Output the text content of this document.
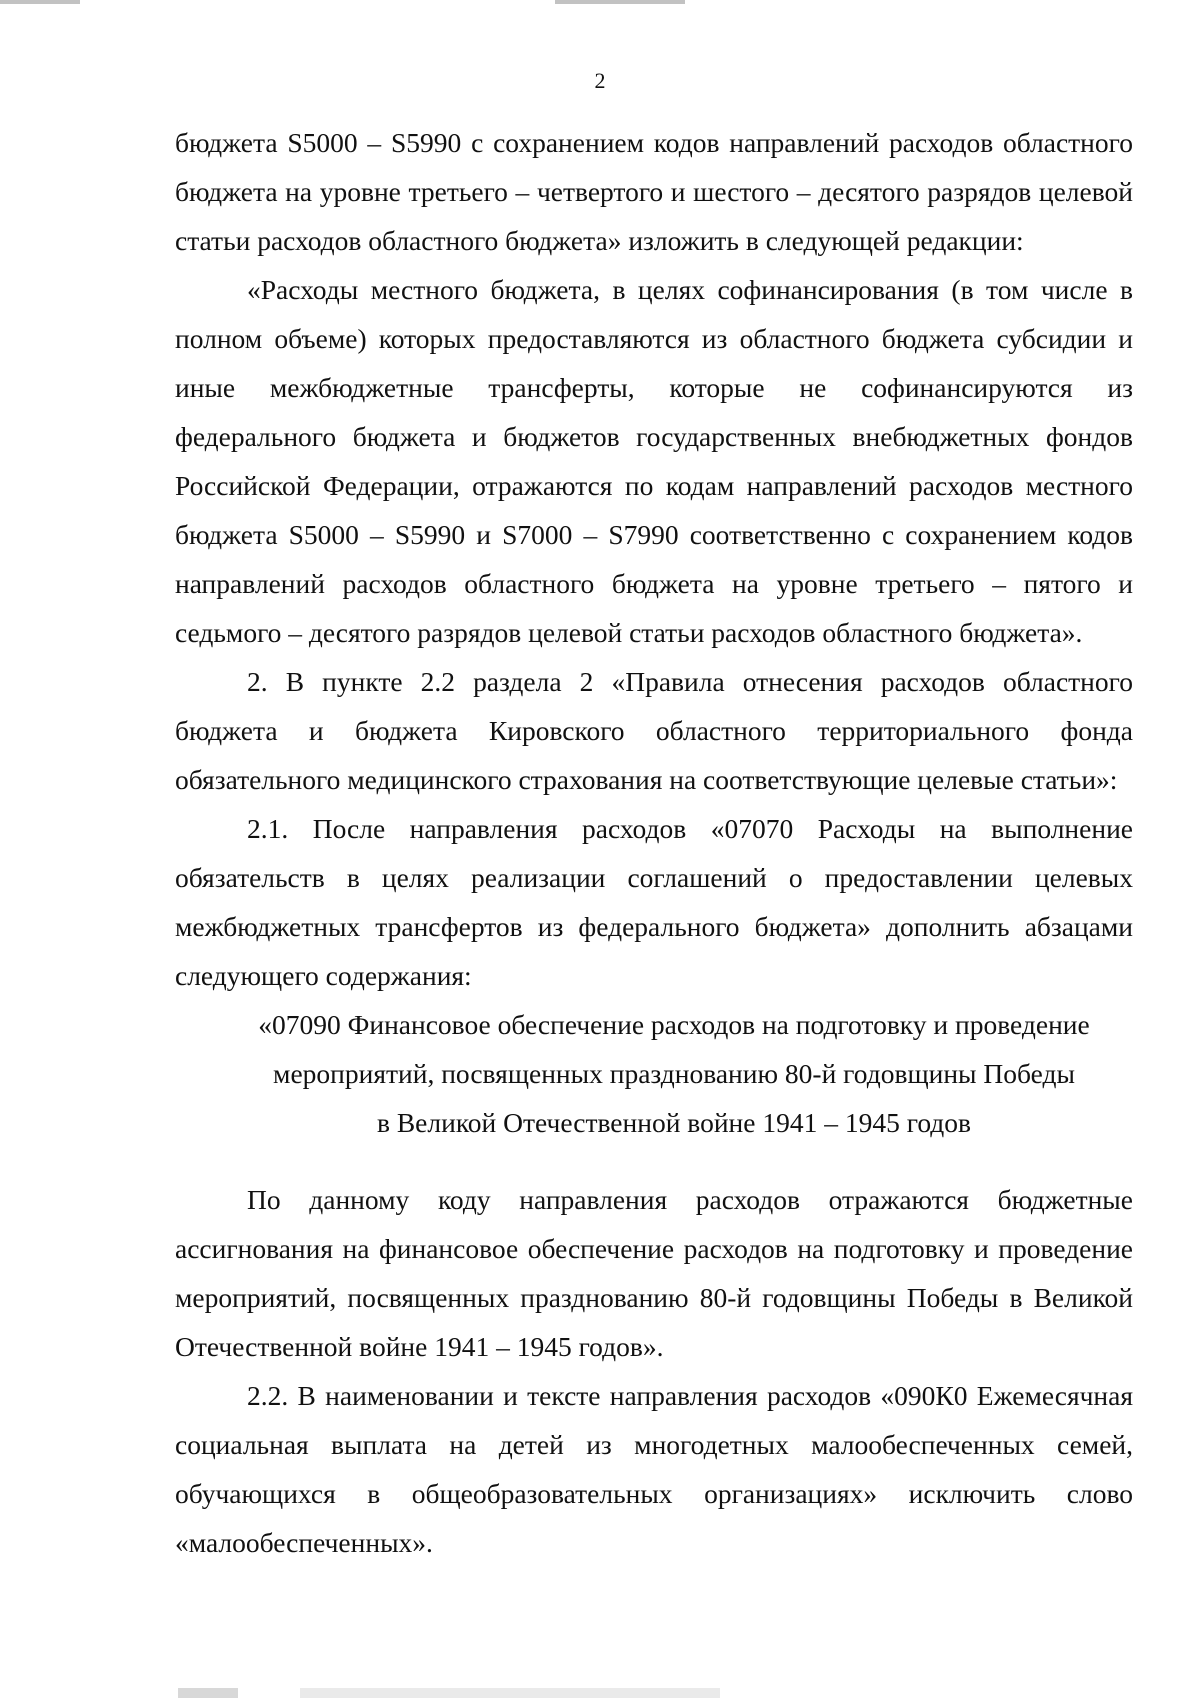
2

бюджета S5000 – S5990 с сохранением кодов направлений расходов областного бюджета на уровне третьего – четвертого и шестого – десятого разрядов целевой статьи расходов областного бюджета» изложить в следующей редакции:

«Расходы местного бюджета, в целях софинансирования (в том числе в полном объеме) которых предоставляются из областного бюджета субсидии и иные межбюджетные трансферты, которые не софинансируются из федерального бюджета и бюджетов государственных внебюджетных фондов Российской Федерации, отражаются по кодам направлений расходов местного бюджета S5000 – S5990 и S7000 – S7990 соответственно с сохранением кодов направлений расходов областного бюджета на уровне третьего – пятого и седьмого – десятого разрядов целевой статьи расходов областного бюджета».

2. В пункте 2.2 раздела 2 «Правила отнесения расходов областного бюджета и бюджета Кировского областного территориального фонда обязательного медицинского страхования на соответствующие целевые статьи»:

2.1. После направления расходов «07070 Расходы на выполнение обязательств в целях реализации соглашений о предоставлении целевых межбюджетных трансфертов из федерального бюджета» дополнить абзацами следующего содержания:

«07090 Финансовое обеспечение расходов на подготовку и проведение

мероприятий, посвященных празднованию 80-й годовщины Победы

в Великой Отечественной войне 1941 – 1945 годов

По данному коду направления расходов отражаются бюджетные ассигнования на финансовое обеспечение расходов на подготовку и проведение мероприятий, посвященных празднованию 80-й годовщины Победы в Великой Отечественной войне 1941 – 1945 годов».

2.2. В наименовании и тексте направления расходов «090К0 Ежемесячная социальная выплата на детей из многодетных малообеспеченных семей, обучающихся в общеобразовательных организациях» исключить слово «малообеспеченных».
